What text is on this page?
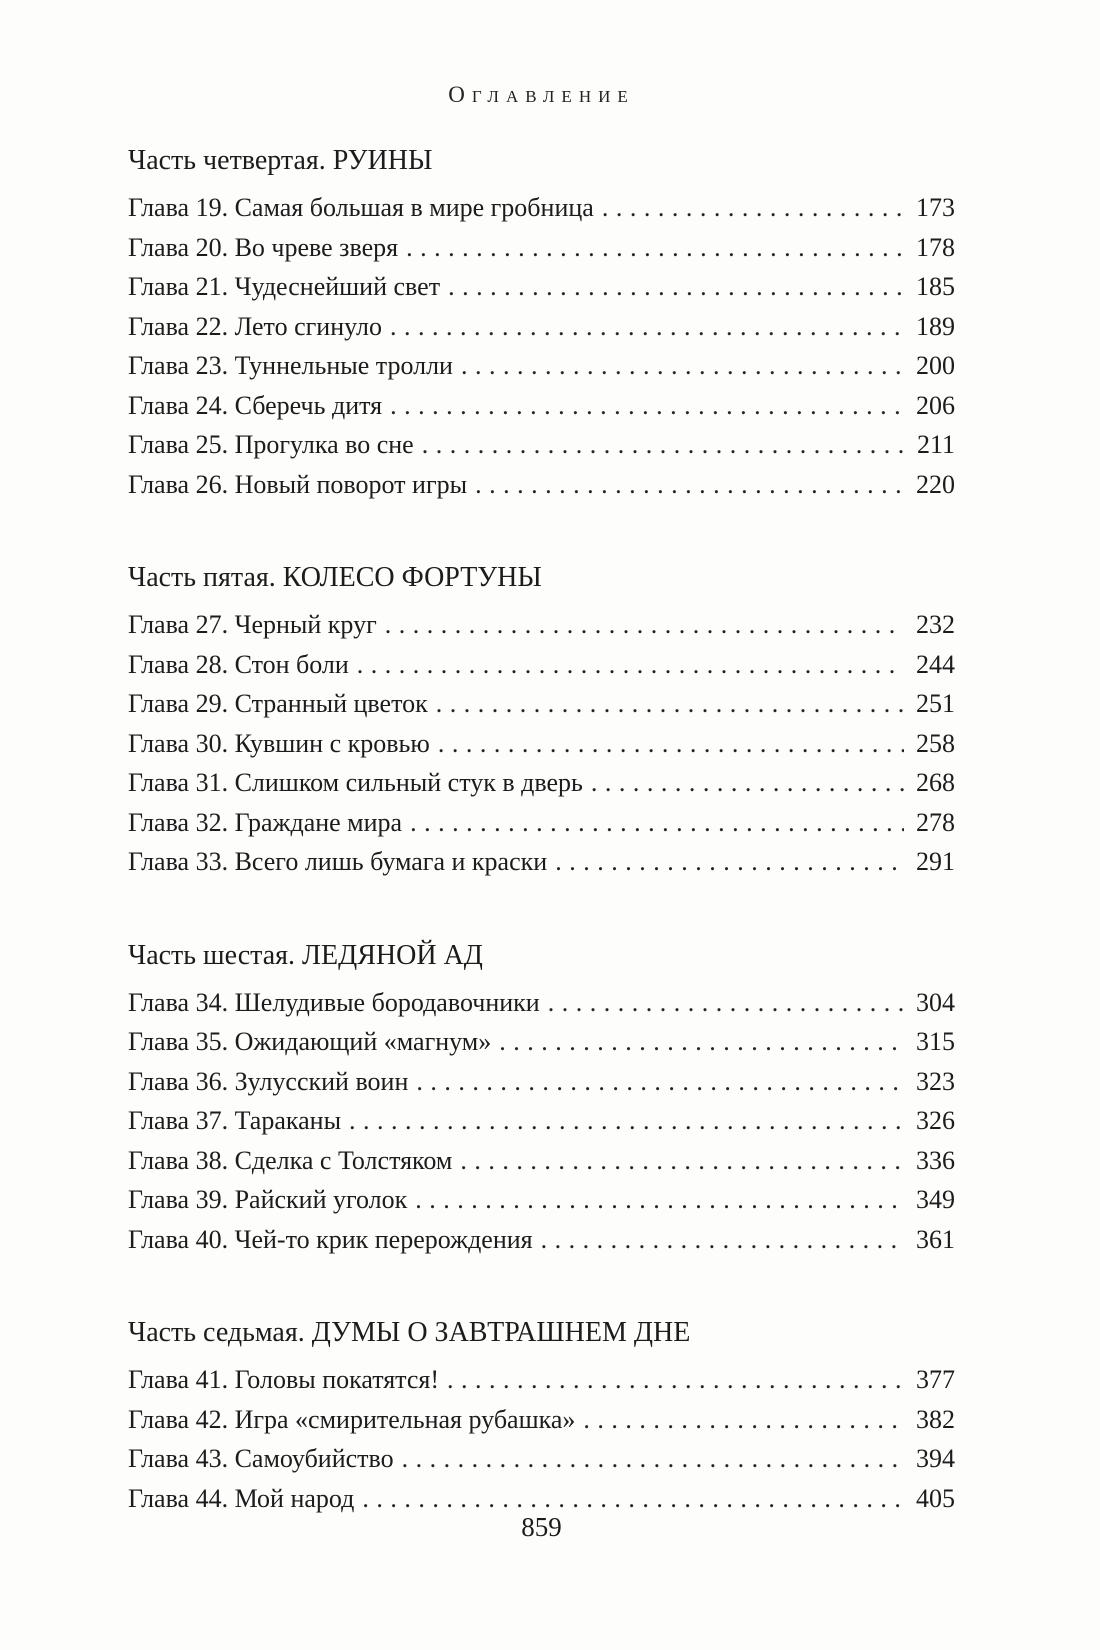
ОГЛАВЛЕНИЕ
Часть четвертая. РУИНЫ
Глава 19. Самая большая в мире гробница .....	173
Глава 20. Во чреве зверя .....	178
Глава 21. Чудеснейший свет .....	185
Глава 22. Лето сгинуло .....	189
Глава 23. Туннельные тролли .....	200
Глава 24. Сберечь дитя .....	206
Глава 25. Прогулка во сне .....	211
Глава 26. Новый поворот игры .....	220
Часть пятая. КОЛЕСО ФОРТУНЫ
Глава 27. Черный круг .....	232
Глава 28. Стон боли .....	244
Глава 29. Странный цветок .....	251
Глава 30. Кувшин с кровью .....	258
Глава 31. Слишком сильный стук в дверь .....	268
Глава 32. Граждане мира .....	278
Глава 33. Всего лишь бумага и краски .....	291
Часть шестая. ЛЕДЯНОЙ АД
Глава 34. Шелудивые бородавочники .....	304
Глава 35. Ожидающий «магнум» .....	315
Глава 36. Зулусский воин .....	323
Глава 37. Тараканы .....	326
Глава 38. Сделка с Толстяком .....	336
Глава 39. Райский уголок .....	349
Глава 40. Чей-то крик перерождения .....	361
Часть седьмая. ДУМЫ О ЗАВТРАШНЕМ ДНЕ
Глава 41. Головы покатятся! .....	377
Глава 42. Игра «смирительная рубашка» .....	382
Глава 43. Самоубийство .....	394
Глава 44. Мой народ .....	405
859
